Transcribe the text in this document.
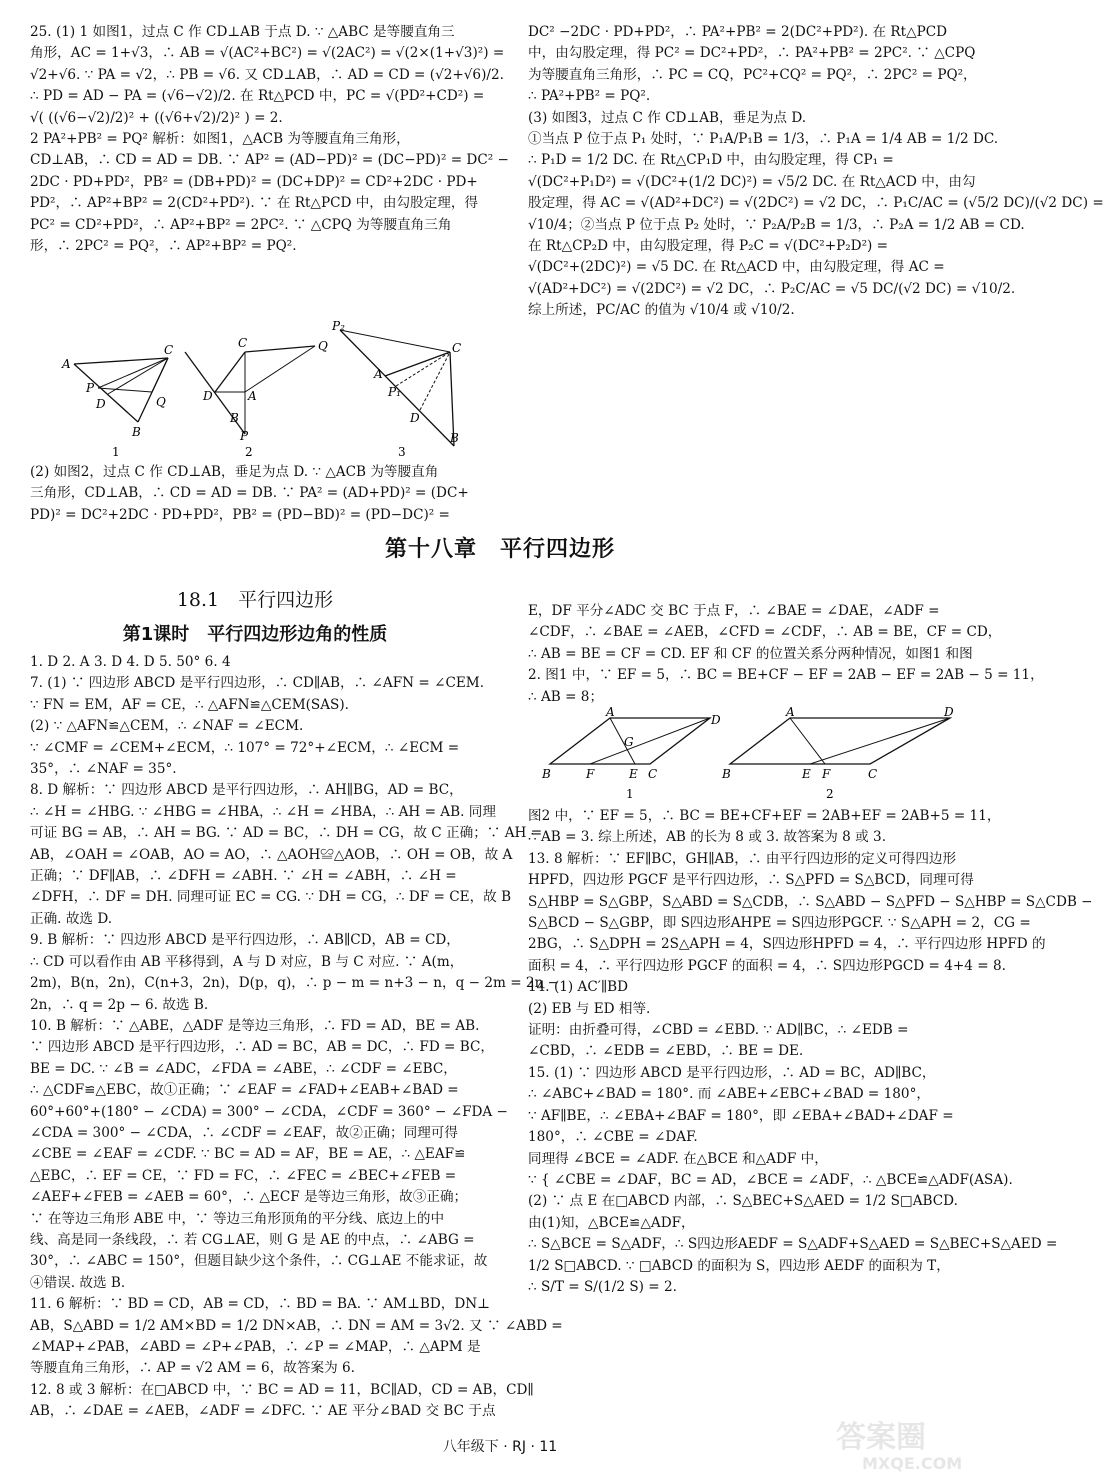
25. (1) 1 如图1，过点 C 作 CD⊥AB 于点 D. ∵ △ABC 是等腰直角三
角形，AC = 1+√3，∴ AB = √(AC²+BC²) = √(2AC²) = √(2×(1+√3)²) =
√2+√6. ∵ PA = √2，∴ PB = √6. 又 CD⊥AB，∴ AD = CD = (√2+√6)/2.
∴ PD = AD − PA = (√6−√2)/2. 在 Rt△PCD 中，PC = √(PD²+CD²) =
√( ((√6−√2)/2)² + ((√6+√2)/2)² ) = 2.
2 PA²+PB² = PQ² 解析：如图1，△ACB 为等腰直角三角形，
CD⊥AB，∴ CD = AD = DB. ∵ AP² = (AD−PD)² = (DC−PD)² = DC² −
2DC · PD+PD²，PB² = (DB+PD)² = (DC+DP)² = CD²+2DC · PD+
PD²，∴ AP²+BP² = 2(CD²+PD²). ∵ 在 Rt△PCD 中，由勾股定理，得
PC² = CD²+PD²，∴ AP²+BP² = 2PC². ∵ △CPQ 为等腰直角三角
形，∴ 2PC² = PQ²，∴ AP²+BP² = PQ².
A
C
P
D	Q
B
1
C	Q
D	A
B
P
2
P₂
C
A
P₁
D
B
3
(2) 如图2，过点 C 作 CD⊥AB，垂足为点 D. ∵ △ACB 为等腰直角
三角形，CD⊥AB，∴ CD = AD = DB. ∵ PA² = (AD+PD)² = (DC+
PD)² = DC²+2DC · PD+PD²，PB² = (PD−BD)² = (PD−DC)² =
DC² −2DC · PD+PD²，∴ PA²+PB² = 2(DC²+PD²). 在 Rt△PCD
中，由勾股定理，得 PC² = DC²+PD²，∴ PA²+PB² = 2PC². ∵ △CPQ
为等腰直角三角形，∴ PC = CQ，PC²+CQ² = PQ²，∴ 2PC² = PQ²，
∴ PA²+PB² = PQ².
(3) 如图3，过点 C 作 CD⊥AB，垂足为点 D.
①当点 P 位于点 P₁ 处时，∵ P₁A/P₁B = 1/3，∴ P₁A = 1/4 AB = 1/2 DC.
∴ P₁D = 1/2 DC. 在 Rt△CP₁D 中，由勾股定理，得 CP₁ =
√(DC²+P₁D²) = √(DC²+(1/2 DC)²) = √5/2 DC. 在 Rt△ACD 中，由勾
股定理，得 AC = √(AD²+DC²) = √(2DC²) = √2 DC，∴ P₁C/AC = (√5/2 DC)/(√2 DC) =
√10/4；②当点 P 位于点 P₂ 处时，∵ P₂A/P₂B = 1/3，∴ P₂A = 1/2 AB = CD.
在 Rt△CP₂D 中，由勾股定理，得 P₂C = √(DC²+P₂D²) =
√(DC²+(2DC)²) = √5 DC. 在 Rt△ACD 中，由勾股定理，得 AC =
√(AD²+DC²) = √(2DC²) = √2 DC，∴ P₂C/AC = √5 DC/(√2 DC) = √10/2.
综上所述，PC/AC 的值为 √10/4 或 √10/2.
第十八章　平行四边形
18.1　平行四边形
第1课时　平行四边形边角的性质
1. D 2. A 3. D 4. D 5. 50° 6. 4
7. (1) ∵ 四边形 ABCD 是平行四边形，∴ CD∥AB，∴ ∠AFN = ∠CEM.
∵ FN = EM，AF = CE，∴ △AFN≌△CEM(SAS).
(2) ∵ △AFN≌△CEM，∴ ∠NAF = ∠ECM.
∵ ∠CMF = ∠CEM+∠ECM，∴ 107° = 72°+∠ECM，∴ ∠ECM =
35°，∴ ∠NAF = 35°.
8. D 解析：∵ 四边形 ABCD 是平行四边形，∴ AH∥BG，AD = BC，
∴ ∠H = ∠HBG. ∵ ∠HBG = ∠HBA，∴ ∠H = ∠HBA，∴ AH = AB. 同理
可证 BG = AB，∴ AH = BG. ∵ AD = BC，∴ DH = CG，故 C 正确；∵ AH =
AB，∠OAH = ∠OAB，AO = AO，∴ △AOH≌△AOB，∴ OH = OB，故 A
正确；∵ DF∥AB，∴ ∠DFH = ∠ABH. ∵ ∠H = ∠ABH，∴ ∠H =
∠DFH，∴ DF = DH. 同理可证 EC = CG. ∵ DH = CG，∴ DF = CE，故 B
正确. 故选 D.
9. B 解析：∵ 四边形 ABCD 是平行四边形，∴ AB∥CD，AB = CD，
∴ CD 可以看作由 AB 平移得到，A 与 D 对应，B 与 C 对应. ∵ A(m，
2m)，B(n，2n)，C(n+3，2n)，D(p，q)，∴ p − m = n+3 − n，q − 2m = 2n −
2n，∴ q = 2p − 6. 故选 B.
10. B 解析：∵ △ABE，△ADF 是等边三角形，∴ FD = AD，BE = AB.
∵ 四边形 ABCD 是平行四边形，∴ AD = BC，AB = DC，∴ FD = BC，
BE = DC. ∵ ∠B = ∠ADC，∠FDA = ∠ABE，∴ ∠CDF = ∠EBC，
∴ △CDF≌△EBC，故①正确；∵ ∠EAF = ∠FAD+∠EAB+∠BAD =
60°+60°+(180° − ∠CDA) = 300° − ∠CDA，∠CDF = 360° − ∠FDA −
∠CDA = 300° − ∠CDA，∴ ∠CDF = ∠EAF，故②正确；同理可得
∠CBE = ∠EAF = ∠CDF. ∵ BC = AD = AF，BE = AE，∴ △EAF≌
△EBC，∴ EF = CE，∵ FD = FC，∴ ∠FEC = ∠BEC+∠FEB =
∠AEF+∠FEB = ∠AEB = 60°，∴ △ECF 是等边三角形，故③正确；
∵ 在等边三角形 ABE 中，∵ 等边三角形顶角的平分线、底边上的中
线、高是同一条线段，∴ 若 CG⊥AE，则 G 是 AE 的中点，∴ ∠ABG =
30°，∴ ∠ABC = 150°，但题目缺少这个条件，∴ CG⊥AE 不能求证，故
④错误. 故选 B.
11. 6 解析：∵ BD = CD，AB = CD，∴ BD = BA. ∵ AM⊥BD，DN⊥
AB，S△ABD = 1/2 AM×BD = 1/2 DN×AB，∴ DN = AM = 3√2. 又 ∵ ∠ABD =
∠MAP+∠PAB，∠ABD = ∠P+∠PAB，∴ ∠P = ∠MAP，∴ △APM 是
等腰直角三角形，∴ AP = √2 AM = 6，故答案为 6.
12. 8 或 3 解析：在□ABCD 中，∵ BC = AD = 11，BC∥AD，CD = AB，CD∥
AB，∴ ∠DAE = ∠AEB，∠ADF = ∠DFC. ∵ AE 平分∠BAD 交 BC 于点
E，DF 平分∠ADC 交 BC 于点 F，∴ ∠BAE = ∠DAE，∠ADF =
∠CDF，∴ ∠BAE = ∠AEB，∠CFD = ∠CDF，∴ AB = BE，CF = CD，
∴ AB = BE = CF = CD. EF 和 CF 的位置关系分两种情况，如图1 和图
2. 图1 中，∵ EF = 5，∴ BC = BE+CF − EF = 2AB − EF = 2AB − 5 = 11，
∴ AB = 8；
A
D
B	F
G
E C
1
A	D
B	E F	C
2
图2 中，∵ EF = 5，∴ BC = BE+CF+EF = 2AB+EF = 2AB+5 = 11，
∴ AB = 3. 综上所述，AB 的长为 8 或 3. 故答案为 8 或 3.
13. 8 解析：∵ EF∥BC，GH∥AB，∴ 由平行四边形的定义可得四边形
HPFD，四边形 PGCF 是平行四边形，∴ S△PFD = S△BCD，同理可得
S△HBP = S△GBP，S△ABD = S△CDB，∴ S△ABD − S△PFD − S△HBP = S△CDB −
S△BCD − S△GBP，即 S四边形AHPE = S四边形PGCF. ∵ S△APH = 2，CG =
2BG，∴ S△DPH = 2S△APH = 4，S四边形HPFD = 4，∴ 平行四边形 HPFD 的
面积 = 4，∴ 平行四边形 PGCF 的面积 = 4，∴ S四边形PGCD = 4+4 = 8.
14. (1) AC′∥BD
(2) EB 与 ED 相等.
证明：由折叠可得，∠CBD = ∠EBD. ∵ AD∥BC，∴ ∠EDB =
∠CBD，∴ ∠EDB = ∠EBD，∴ BE = DE.
15. (1) ∵ 四边形 ABCD 是平行四边形，∴ AD = BC，AD∥BC，
∴ ∠ABC+∠BAD = 180°. 而 ∠ABE+∠EBC+∠BAD = 180°，
∵ AF∥BE，∴ ∠EBA+∠BAF = 180°，即 ∠EBA+∠BAD+∠DAF =
180°，∴ ∠CBE = ∠DAF.
同理得 ∠BCE = ∠ADF. 在△BCE 和△ADF 中，
∵ { ∠CBE = ∠DAF，BC = AD，∠BCE = ∠ADF，∴ △BCE≌△ADF(ASA).
(2) ∵ 点 E 在□ABCD 内部，∴ S△BEC+S△AED = 1/2 S□ABCD.
由(1)知，△BCE≌△ADF，
∴ S△BCE = S△ADF，∴ S四边形AEDF = S△ADF+S△AED = S△BEC+S△AED =
1/2 S□ABCD. ∵ □ABCD 的面积为 S，四边形 AEDF 的面积为 T，
∴ S/T = S/(1/2 S) = 2.
八年级下 · RJ · 11	答案圈
MXQE.COM
